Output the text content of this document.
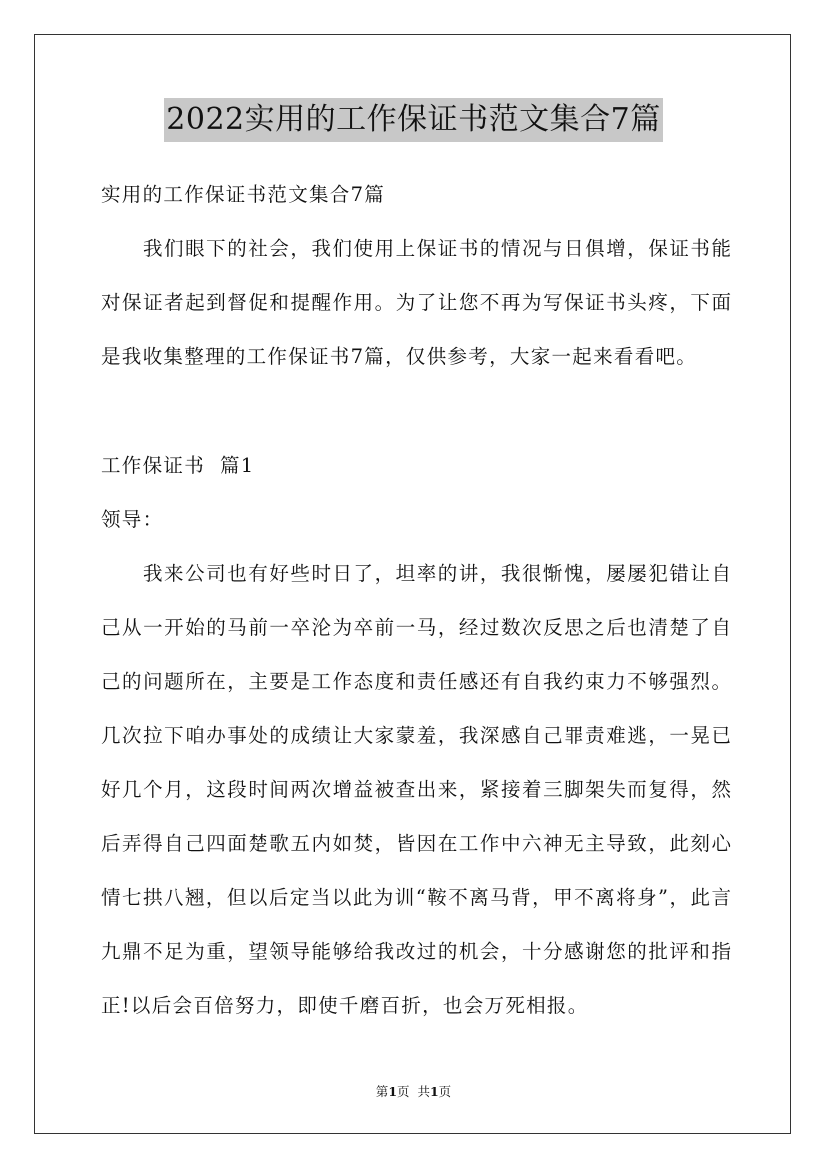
2022实用的工作保证书范文集合7篇
实用的工作保证书范文集合7篇
我们眼下的社会，我们使用上保证书的情况与日俱增，保证书能
对保证者起到督促和提醒作用。为了让您不再为写保证书头疼，下面
是我收集整理的工作保证书7篇，仅供参考，大家一起来看看吧。
工作保证书  篇1
领导：
我来公司也有好些时日了，坦率的讲，我很惭愧，屡屡犯错让自
己从一开始的马前一卒沦为卒前一马，经过数次反思之后也清楚了自
己的问题所在，主要是工作态度和责任感还有自我约束力不够强烈。
几次拉下咱办事处的成绩让大家蒙羞，我深感自己罪责难逃，一晃已
好几个月，这段时间两次增益被查出来，紧接着三脚架失而复得，然
后弄得自己四面楚歌五内如焚，皆因在工作中六神无主导致，此刻心
情七拱八翘，但以后定当以此为训“鞍不离马背，甲不离将身”，此言
九鼎不足为重，望领导能够给我改过的机会，十分感谢您的批评和指
正!以后会百倍努力，即使千磨百折，也会万死相报。
第1页  共1页
